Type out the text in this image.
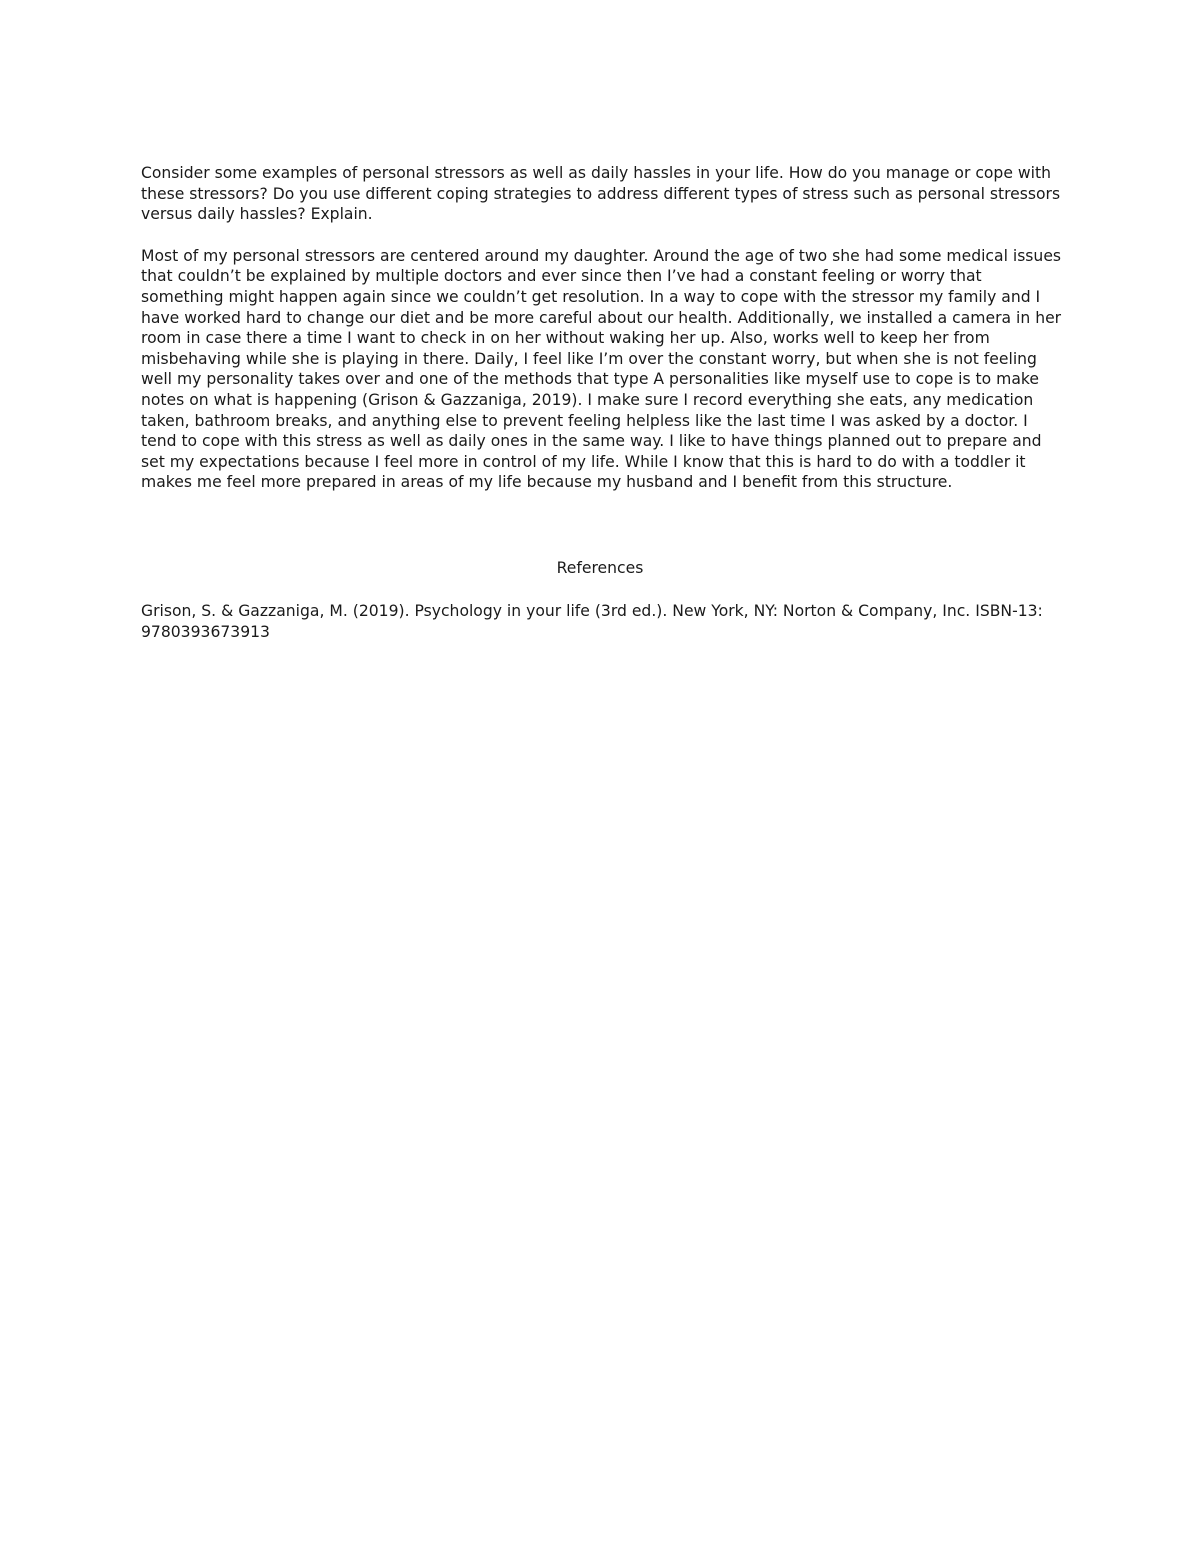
Consider some examples of personal stressors as well as daily hassles in your life. How do you manage or cope with these stressors? Do you use different coping strategies to address different types of stress such as personal stressors versus daily hassles? Explain.

Most of my personal stressors are centered around my daughter. Around the age of two she had some medical issues that couldn’t be explained by multiple doctors and ever since then I’ve had a constant feeling or worry that something might happen again since we couldn’t get resolution. In a way to cope with the stressor my family and I have worked hard to change our diet and be more careful about our health. Additionally, we installed a camera in her room in case there a time I want to check in on her without waking her up. Also, works well to keep her from misbehaving while she is playing in there. Daily, I feel like I’m over the constant worry, but when she is not feeling well my personality takes over and one of the methods that type A personalities like myself use to cope is to make notes on what is happening (Grison & Gazzaniga, 2019). I make sure I record everything she eats, any medication taken, bathroom breaks, and anything else to prevent feeling helpless like the last time I was asked by a doctor. I tend to cope with this stress as well as daily ones in the same way. I like to have things planned out to prepare and set my expectations because I feel more in control of my life. While I know that this is hard to do with a toddler it makes me feel more prepared in areas of my life because my husband and I benefit from this structure.

References
Grison, S. & Gazzaniga, M. (2019). Psychology in your life (3rd ed.). New York, NY: Norton & Company, Inc. ISBN-13: 9780393673913
